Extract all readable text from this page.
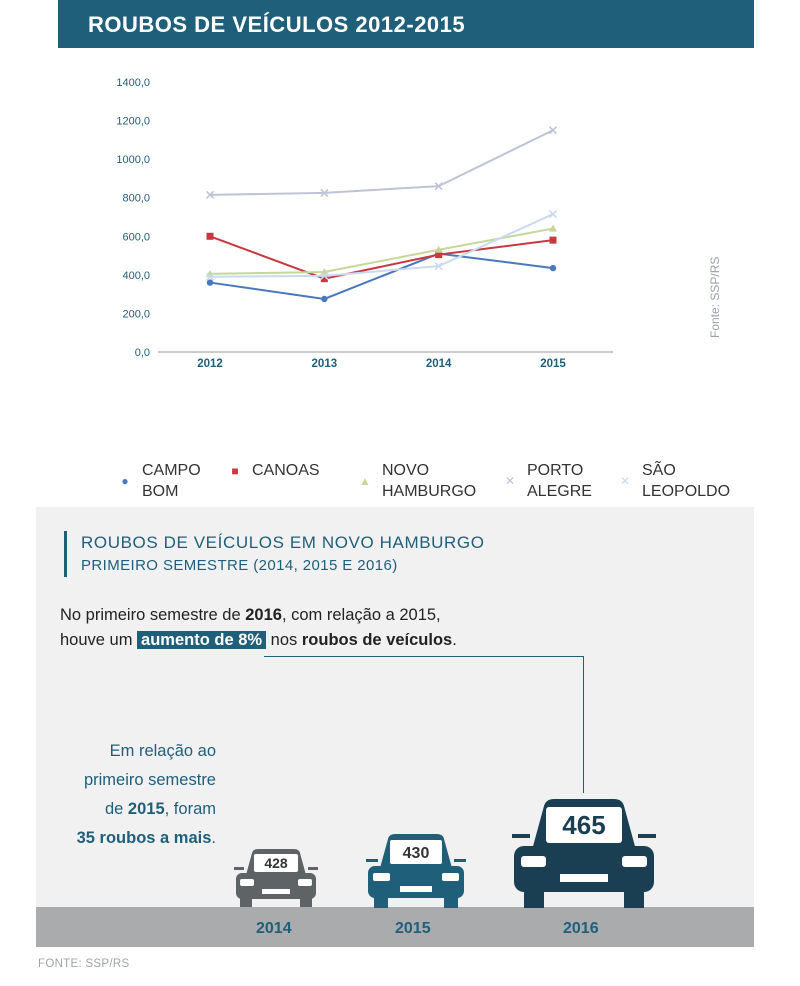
ROUBOS DE VEÍCULOS 2012-2015
0,0
200,0
400,0
600,0
800,0
1000,0
1200,0
1400,0
2012	2013	2014	2015
Fonte: SSP/RS
●
CAMPO
BOM
■ CANOAS
▲
NOVO
HAMBURGO
✕
PORTO
ALEGRE
✕
SÃO
LEOPOLDO
ROUBOS DE VEÍCULOS EM NOVO HAMBURGO
PRIMEIRO SEMESTRE (2014, 2015 E 2016)
No primeiro semestre de 2016, com relação a 2015,
houve um aumento de 8% nos roubos de veículos.
Em relação ao
primeiro semestre
de 2015, foram
35 roubos a mais.
428
430
465
2014	2015	2016
FONTE: SSP/RS
